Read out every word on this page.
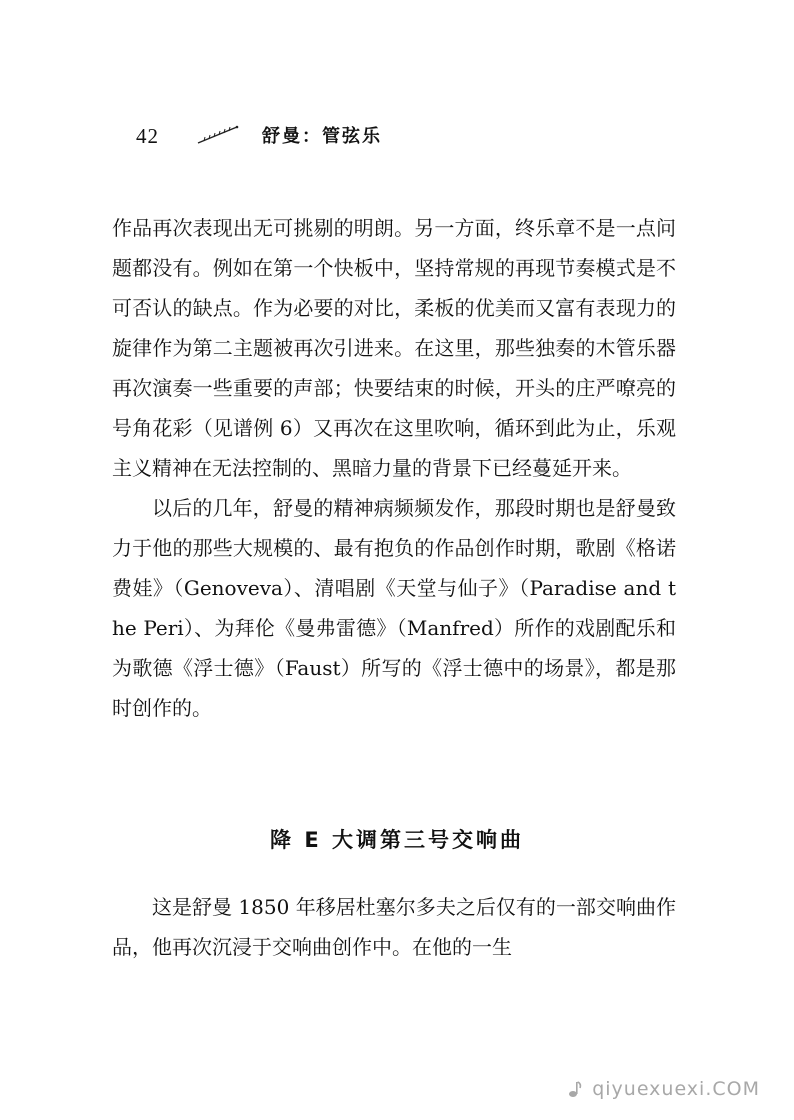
42	舒曼：管弦乐

作品再次表现出无可挑剔的明朗。另一方面，终乐章不是一点问题都没有。例如在第一个快板中，坚持常规的再现节奏模式是不可否认的缺点。作为必要的对比，柔板的优美而又富有表现力的旋律作为第二主题被再次引进来。在这里，那些独奏的木管乐器再次演奏一些重要的声部；快要结束的时候，开头的庄严嘹亮的号角花彩（见谱例 6）又再次在这里吹响，循环到此为止，乐观主义精神在无法控制的、黑暗力量的背景下已经蔓延开来。

以后的几年，舒曼的精神病频频发作，那段时期也是舒曼致力于他的那些大规模的、最有抱负的作品创作时期，歌剧《格诺费娃》（Genoveva）、清唱剧《天堂与仙子》（Paradise and the Peri）、为拜伦《曼弗雷德》（Manfred）所作的戏剧配乐和为歌德《浮士德》（Faust）所写的《浮士德中的场景》，都是那时创作的。

降 E 大调第三号交响曲

这是舒曼 1850 年移居杜塞尔多夫之后仅有的一部交响曲作品，他再次沉浸于交响曲创作中。在他的一生

qiyuexuexi.COM
